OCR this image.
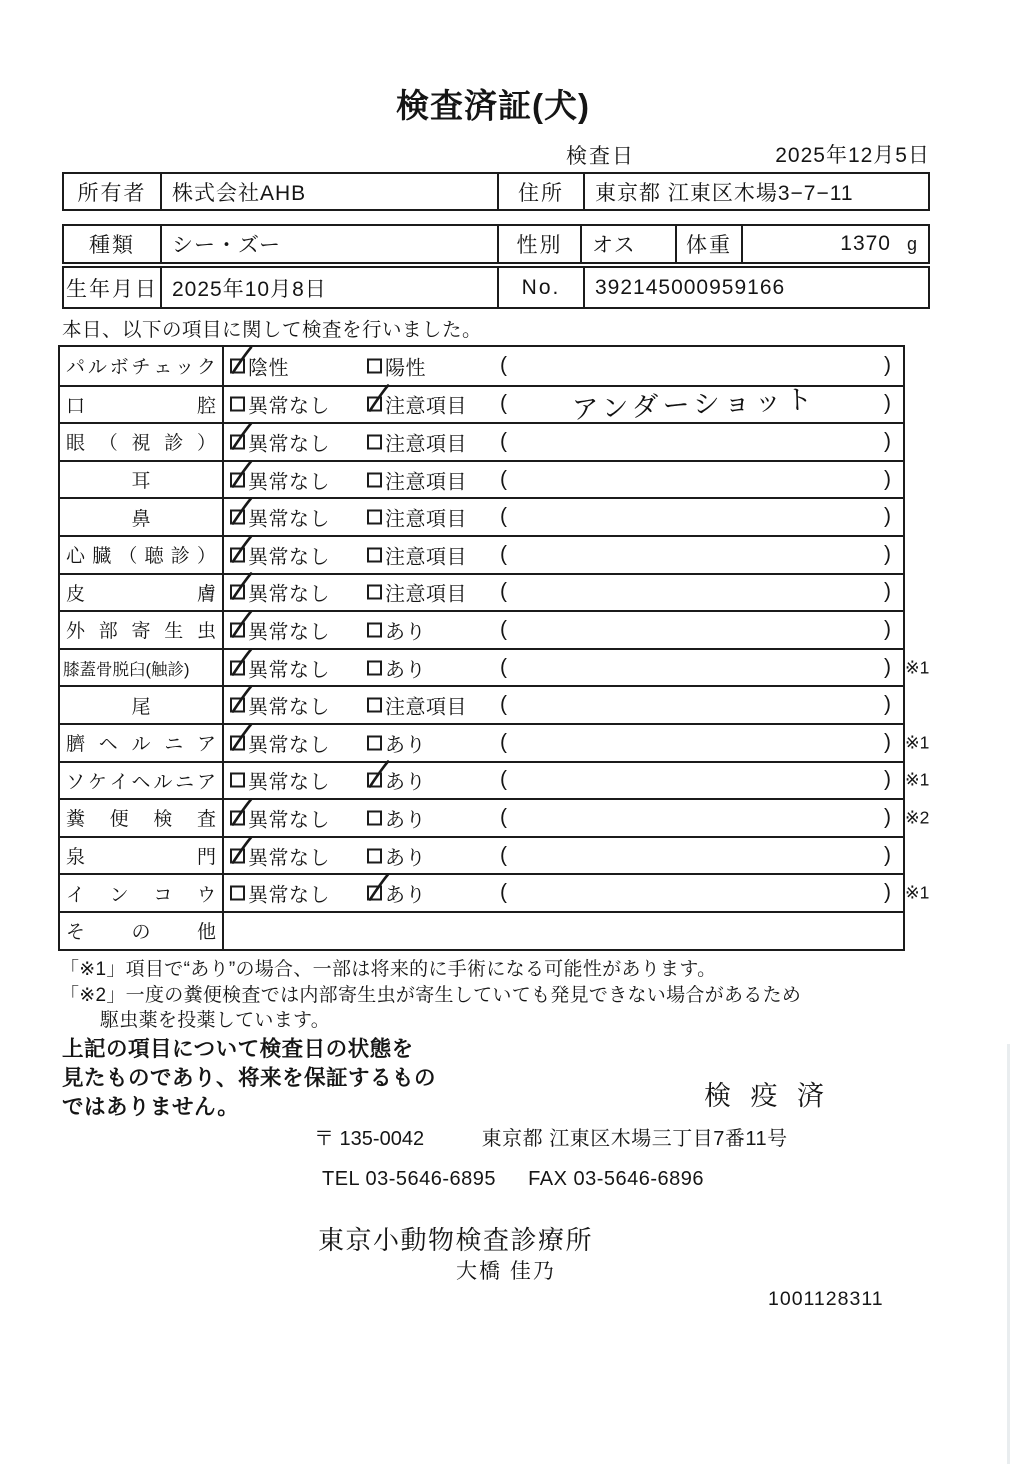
検査済証(犬)
検査日	2025年12月5日
所有者	株式会社AHB	住所	東京都 江東区木場3−7−11
種類	シー・ズー	性別	オス	体重	1370 g
生年月日 2025年10月8日	No.	392145000959166
本日、以下の項目に関して検査を行いました。
パ ル ボ チ ェ ッ ク 陰性	陽性	(	)
口	腔 異常なし	注意項目 (	)
アンダーショット
眼 （ 視 診 ） 異常なし	注意項目 (	)
耳	異常なし	注意項目 (	)
鼻	異常なし	注意項目 (	)
心 臓 （ 聴 診 ） 異常なし	注意項目 (	)
皮	膚 異常なし	注意項目 (	)
外 部 寄 生 虫 異常なし	あり	(	)
膝蓋骨脱臼(触診)	異常なし	あり	(	) ※1
尾	異常なし	注意項目 (	)
臍 ヘ ル ニ ア 異常なし	あり	(	) ※1
ソ ケ イ ヘ ル ニ ア 異常なし	あり	(	) ※1
糞 便 検 査 異常なし	あり	(	) ※2
泉	門 異常なし	あり	(	)
イ ン コ ウ 異常なし	あり	(	) ※1
そ の 他
「※1」項目で“あり”の場合、一部は将来的に手術になる可能性があります。
「※2」一度の糞便検査では内部寄生虫が寄生していても発見できない場合があるため
駆虫薬を投薬しています。
上記の項目について検査日の状態を
見たものであり、将来を保証するもの
ではありません。	検 疫 済
〒 135-0042	東京都 江東区木場三丁目7番11号
TEL 03-5646-6895 FAX 03-5646-6896
東京小動物検査診療所
大橋 佳乃
1001128311
